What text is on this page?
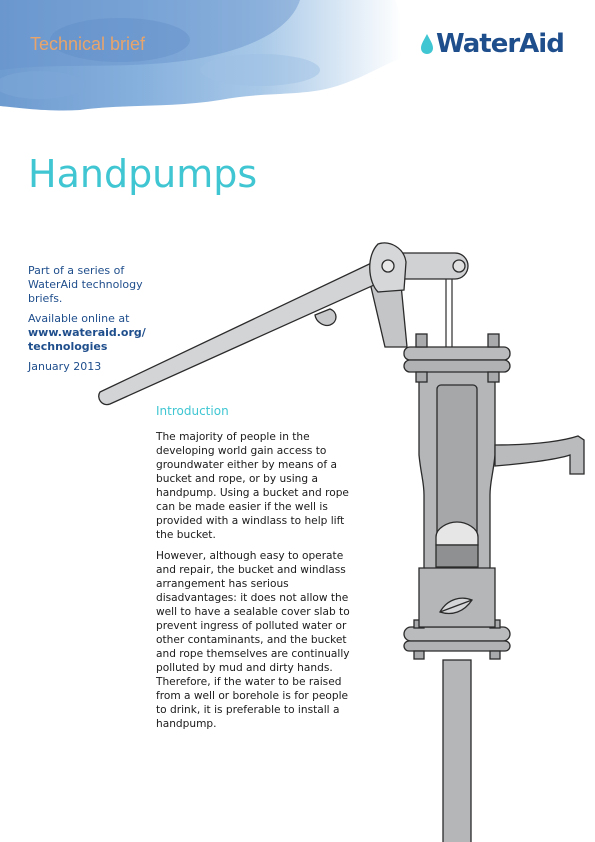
Technical brief	WaterAid
Handpumps

Part of a series of WaterAid technology briefs.

Available online at
www.wateraid.org/
technologies

January 2013

Introduction

The majority of people in the developing world gain access to groundwater either by means of a bucket and rope, or by using a handpump. Using a bucket and rope can be made easier if the well is provided with a windlass to help lift the bucket.

However, although easy to operate and repair, the bucket and windlass arrangement has serious disadvantages: it does not allow the well to have a sealable cover slab to prevent ingress of polluted water or other contaminants, and the bucket and rope themselves are continually polluted by mud and dirty hands. Therefore, if the water to be raised from a well or borehole is for people to drink, it is preferable to install a handpump.
